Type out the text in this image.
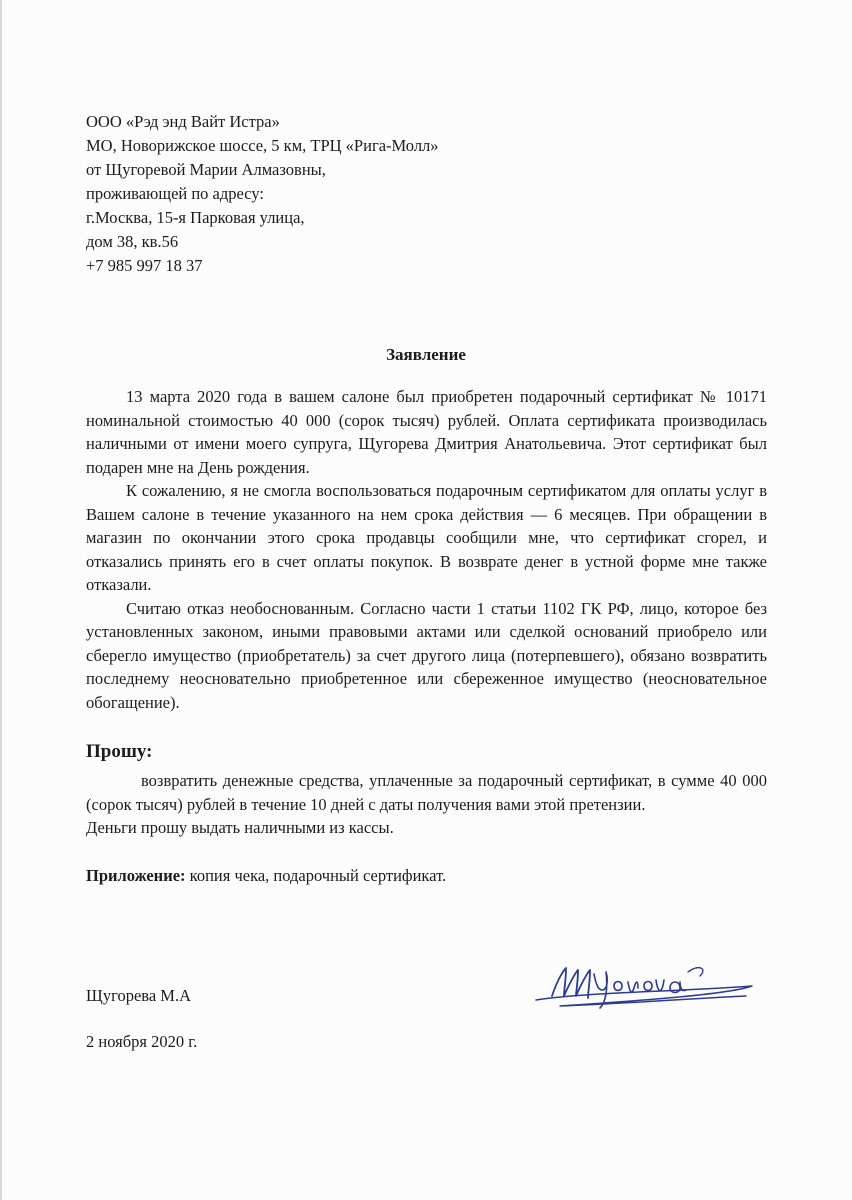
ООО «Рэд энд Вайт Истра»
МО, Новорижское шоссе, 5 км, ТРЦ «Рига-Молл»
от Щугоревой Марии Алмазовны,
проживающей по адресу:
г.Москва, 15-я Парковая улица,
дом 38, кв.56
+7 985 997 18 37
Заявление

13 марта 2020 года в вашем салоне был приобретен подарочный сертификат № 10171 номинальной стоимостью 40 000 (сорок тысяч) рублей. Оплата сертификата производилась наличными от имени моего супруга, Щугорева Дмитрия Анатольевича. Этот сертификат был подарен мне на День рождения.

К сожалению, я не смогла воспользоваться подарочным сертификатом для оплаты услуг в Вашем салоне в течение указанного на нем срока действия — 6 месяцев. При обращении в магазин по окончании этого срока продавцы сообщили мне, что сертификат сгорел, и отказались принять его в счет оплаты покупок. В возврате денег в устной форме мне также отказали.

Считаю отказ необоснованным. Согласно части 1 статьи 1102 ГК РФ, лицо, которое без установленных законом, иными правовыми актами или сделкой оснований приобрело или сберегло имущество (приобретатель) за счет другого лица (потерпевшего), обязано возвратить последнему неосновательно приобретенное или сбереженное имущество (неосновательное обогащение).

Прошу:

возвратить денежные средства, уплаченные за подарочный сертификат, в сумме 40 000 (сорок тысяч) рублей в течение 10 дней с даты получения вами этой претензии.

Деньги прошу выдать наличными из кассы.

Приложение: копия чека, подарочный сертификат.
Щугорева М.А
2 ноября 2020 г.
